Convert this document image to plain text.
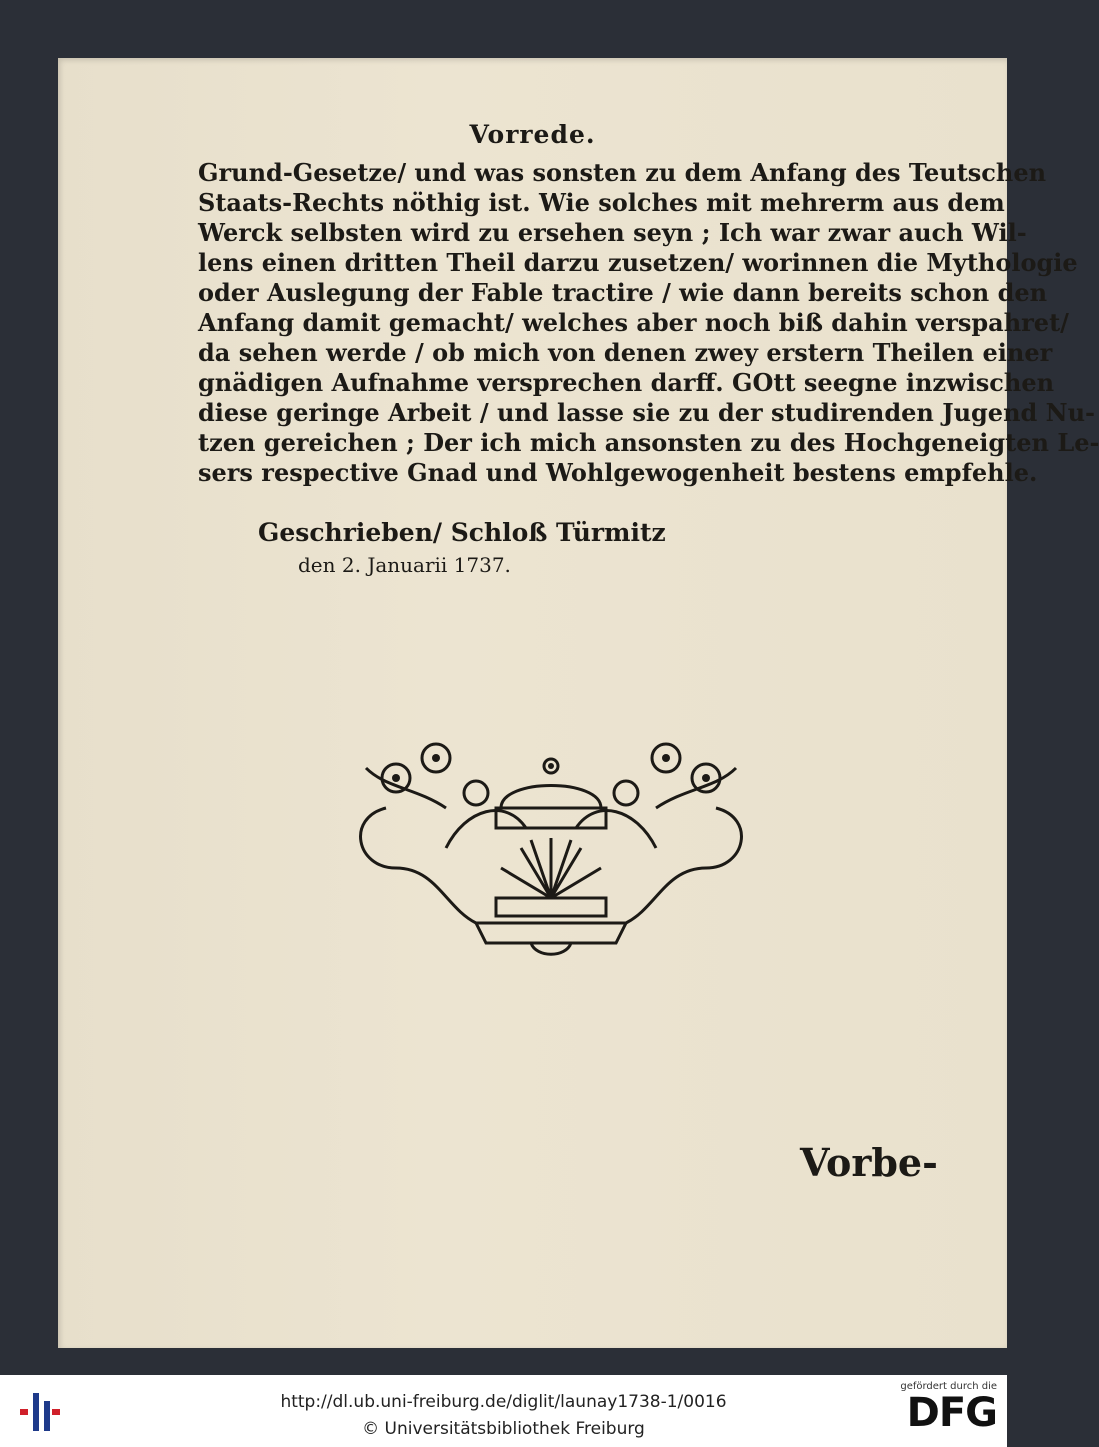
Vorrede.
Grund-Gesetze/ und was sonsten zu dem Anfang des Teutschen
Staats-Rechts nöthig ist. Wie solches mit mehrerm aus dem
Werck selbsten wird zu ersehen seyn ; Ich war zwar auch Wil-
lens einen dritten Theil darzu zusetzen/ worinnen die Mythologie
oder Auslegung der Fable tractire / wie dann bereits schon den
Anfang damit gemacht/ welches aber noch biß dahin verspahret/
da sehen werde / ob mich von denen zwey erstern Theilen einer
gnädigen Aufnahme versprechen darff. GOtt seegne inzwischen
diese geringe Arbeit / und lasse sie zu der studirenden Jugend Nu-
tzen gereichen ; Der ich mich ansonsten zu des Hochgeneigten Le-
sers respective Gnad und Wohlgewogenheit bestens empfehle.
Geschrieben/ Schloß Türmitz
den 2. Januarii 1737.
Vorbe-
http://dl.ub.uni-freiburg.de/diglit/launay1738-1/0016
© Universitätsbibliothek Freiburg
gefördert durch die
DFG
